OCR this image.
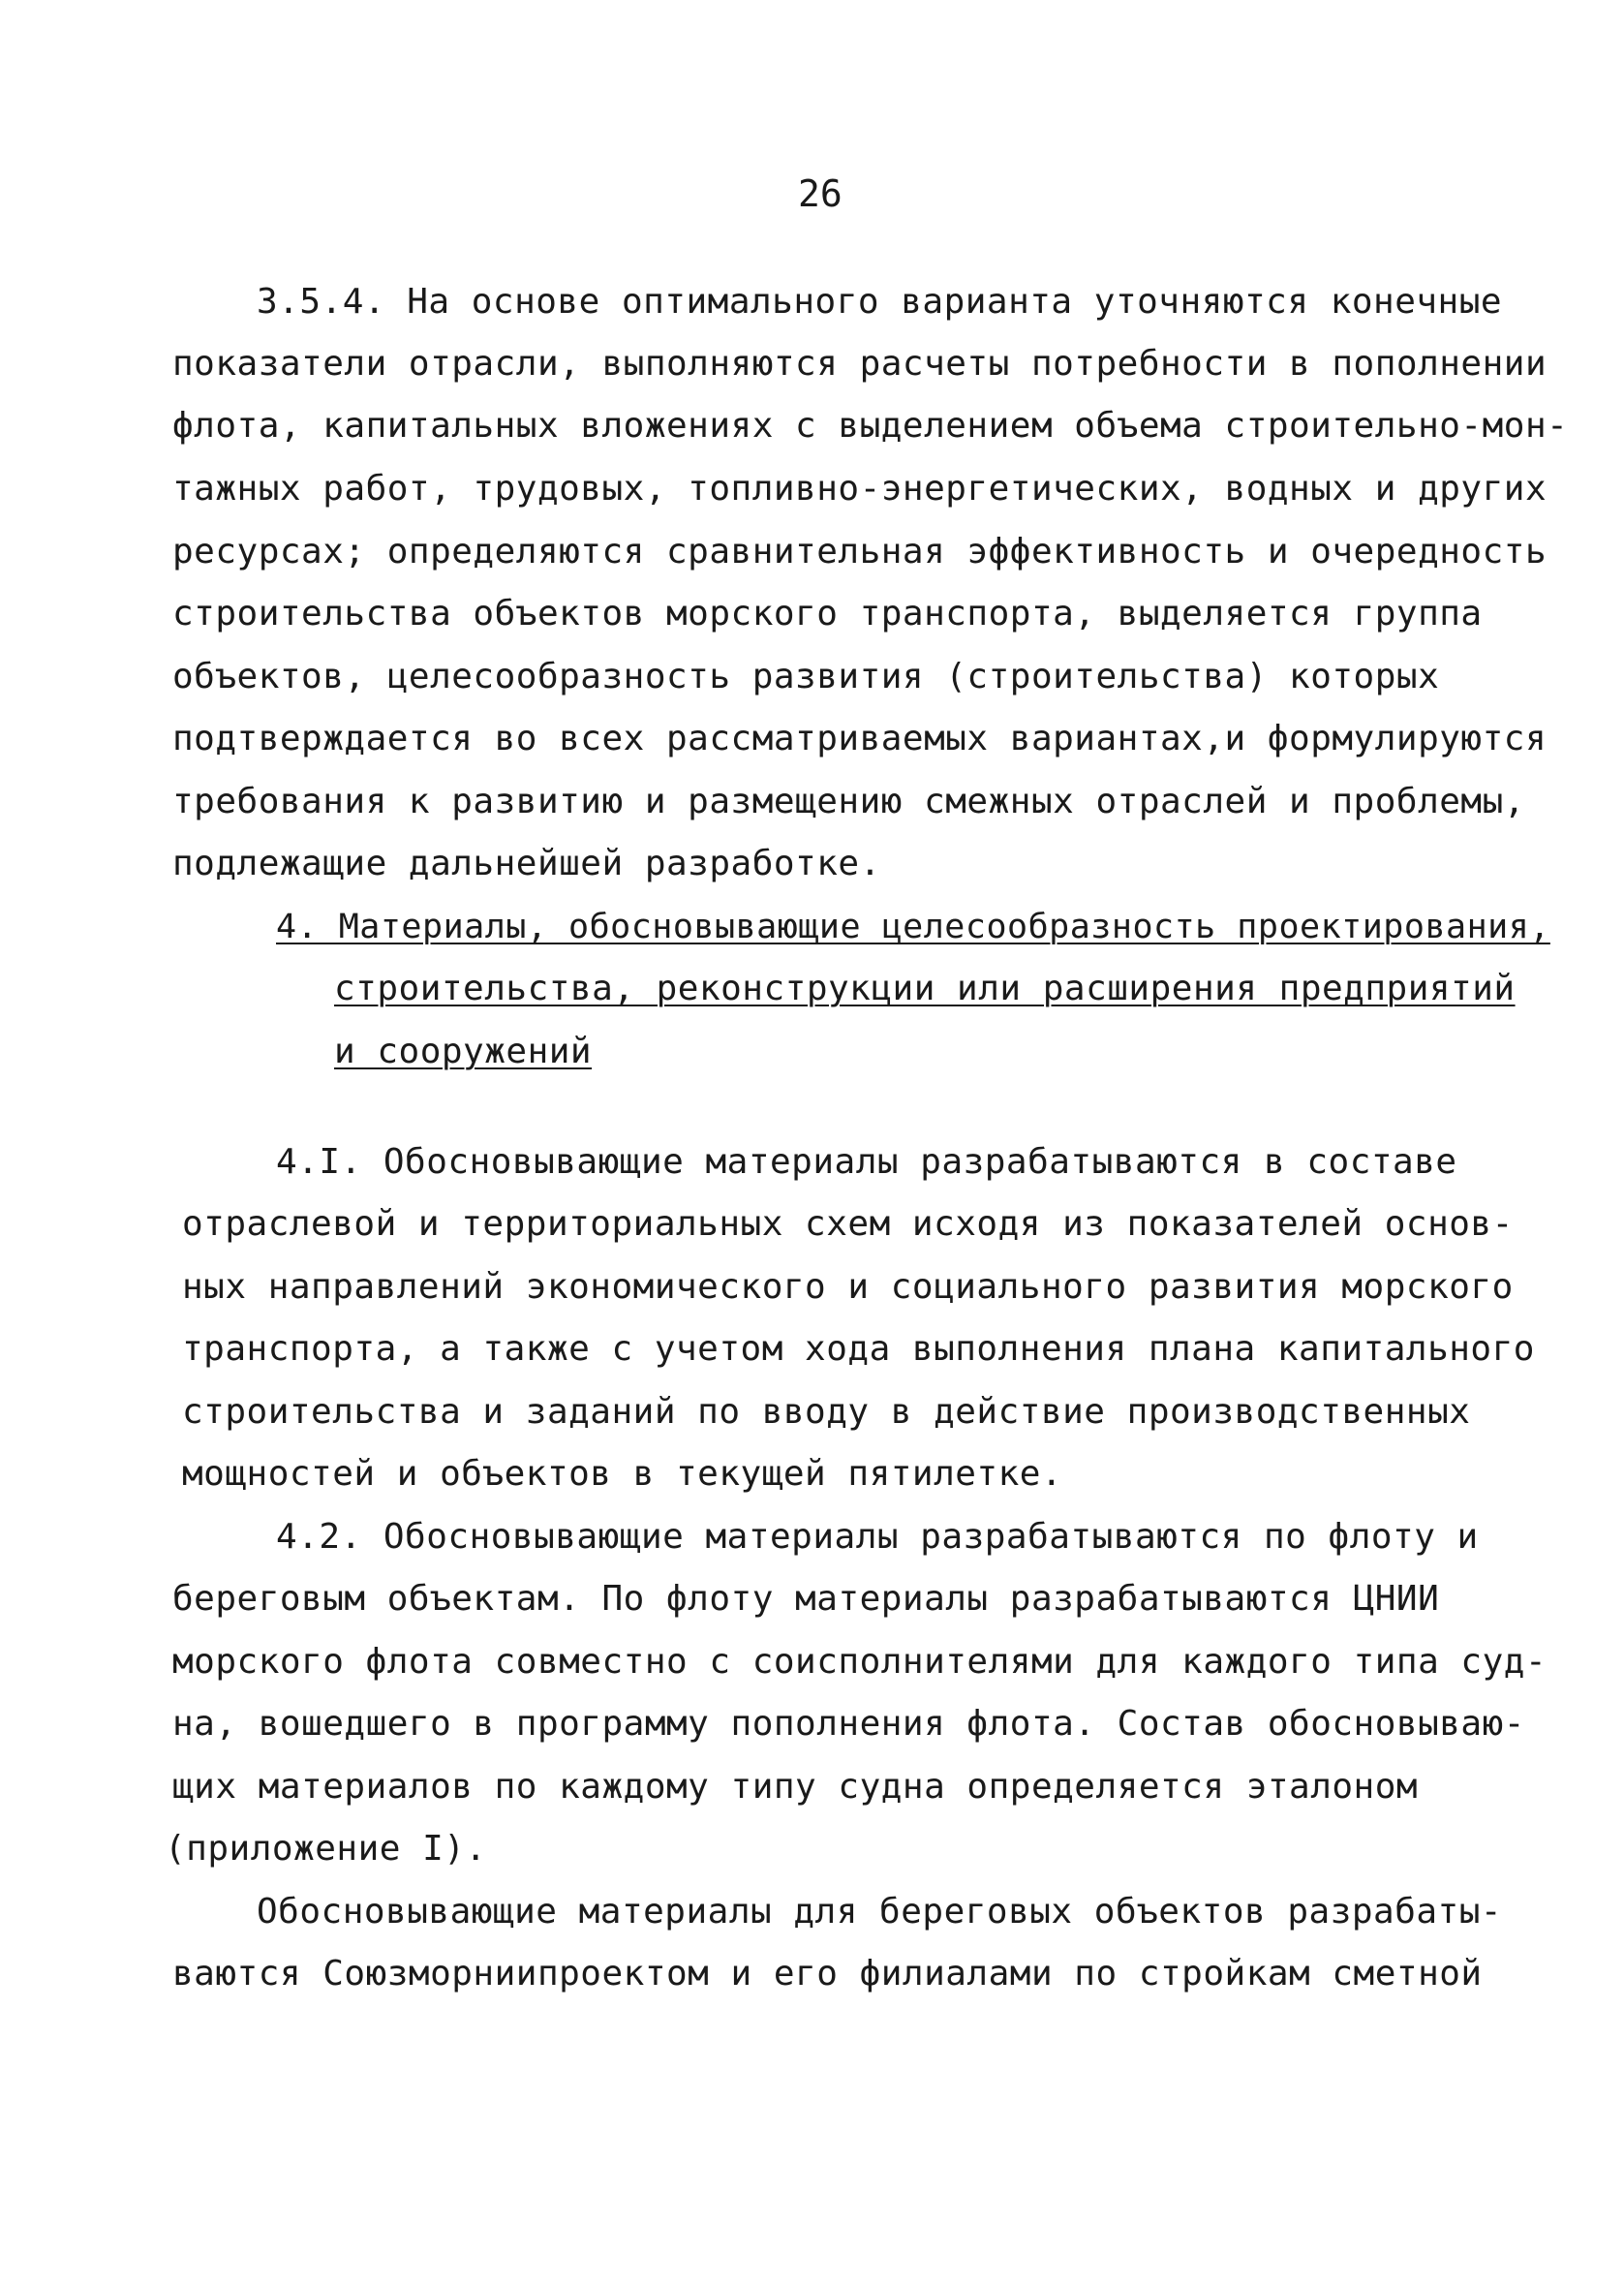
26
3.5.4. На основе оптимального варианта уточняются конечные
показатели отрасли, выполняются расчеты потребности в пополнении
флота, капитальных вложениях с выделением объема строительно-мон-
тажных работ, трудовых, топливно-энергетических, водных и других
ресурсах; определяются сравнительная эффективность и очередность
строительства объектов морского транспорта, выделяется группа
объектов, целесообразность развития (строительства) которых
подтверждается во всех рассматриваемых вариантах,и формулируются
требования к развитию и размещению смежных отраслей и проблемы,
подлежащие дальнейшей разработке.
4. Материалы, обосновывающие целесообразность проектирования,
строительства, реконструкции или расширения предприятий
и сооружений
4.I. Обосновывающие материалы разрабатываются в составе
отраслевой и территориальных схем исходя из показателей основ-
ных направлений экономического и социального развития морского
транспорта, а также с учетом хода выполнения плана капитального
строительства и заданий по вводу в действие производственных
мощностей и объектов в текущей пятилетке.
4.2. Обосновывающие материалы разрабатываются по флоту и
береговым объектам. По флоту материалы разрабатываются ЦНИИ
морского флота совместно с соисполнителями для каждого типа суд-
на, вошедшего в программу пополнения флота. Состав обосновываю-
щих материалов по каждому типу судна определяется эталоном
(приложение I).
Обосновывающие материалы для береговых объектов разрабаты-
ваются Союзморниипроектом и его филиалами по стройкам сметной
